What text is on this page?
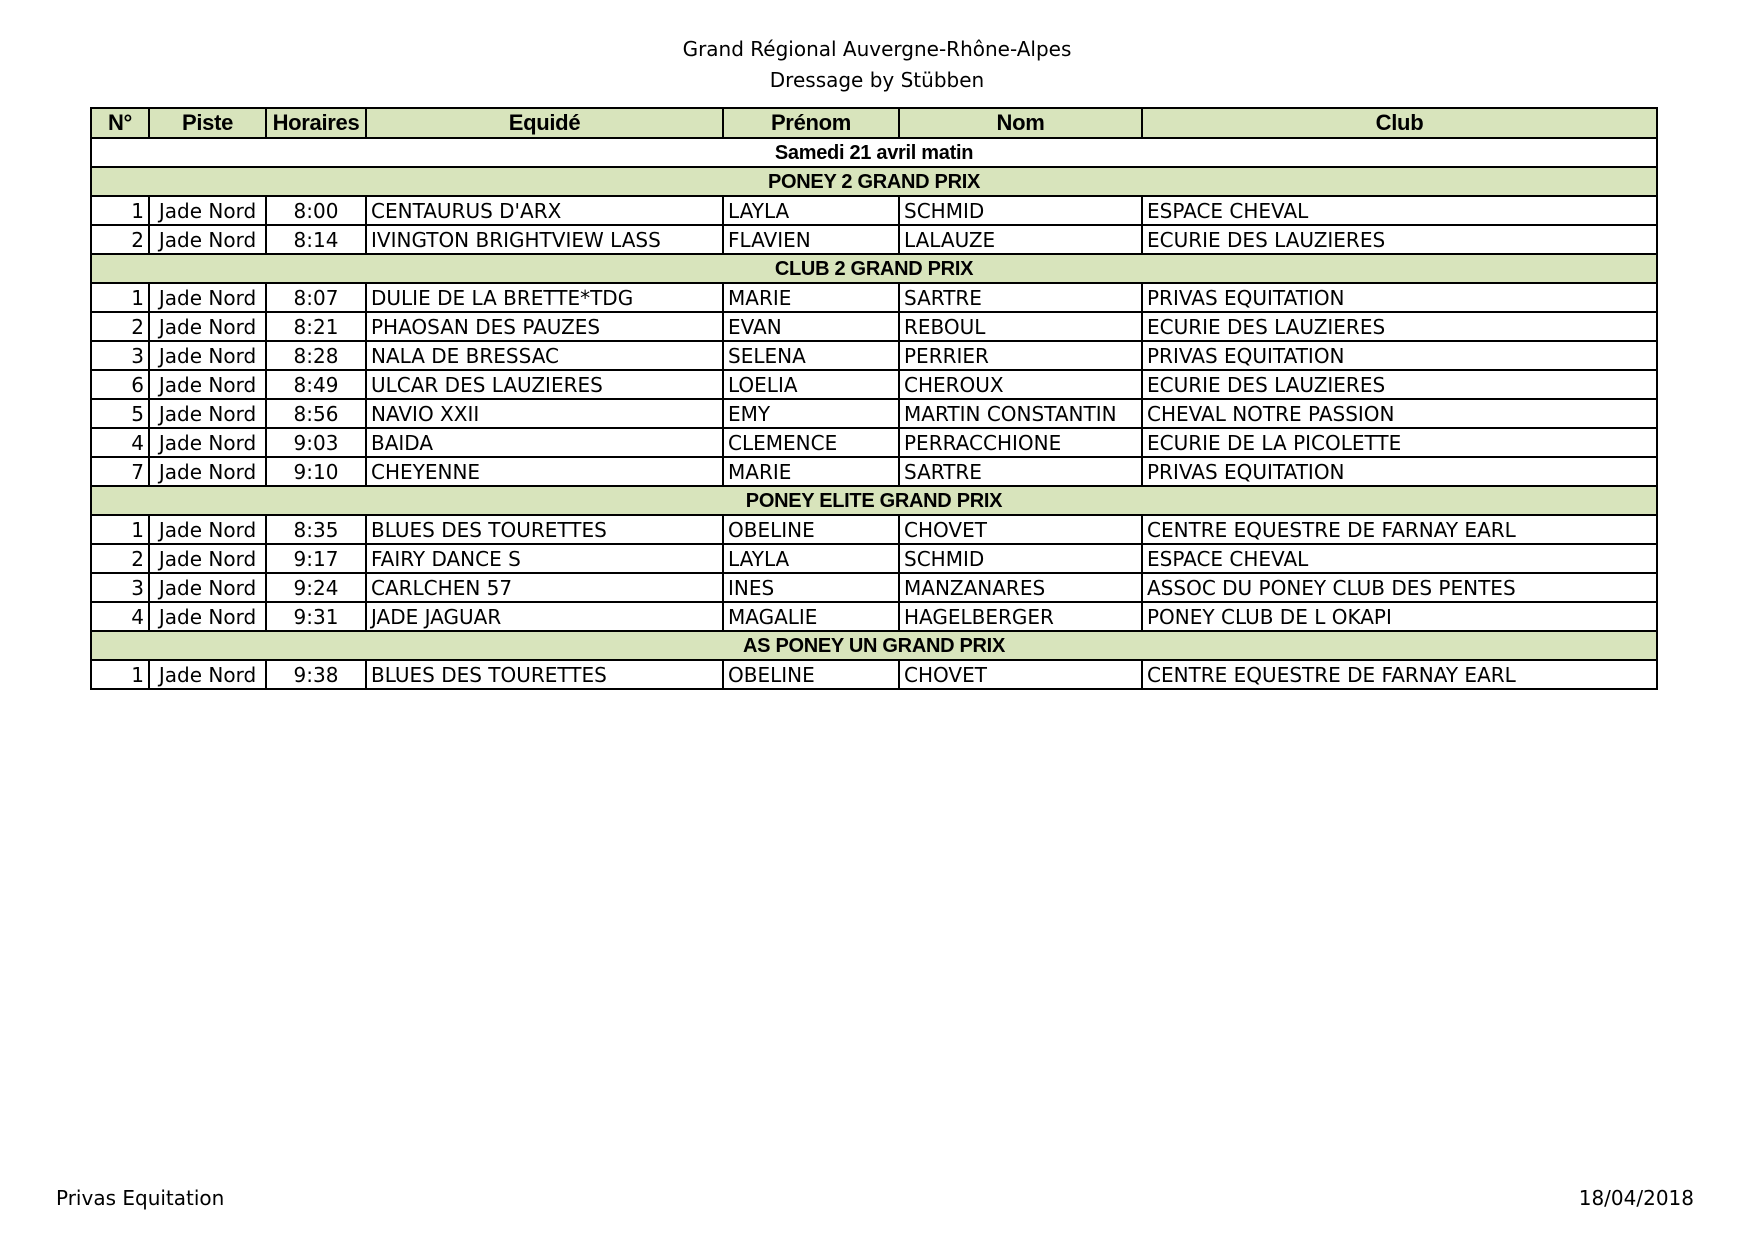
Grand Régional Auvergne-Rhône-Alpes
Dressage by Stübben
N°	Piste	Horaires	Equidé	Prénom	Nom	Club
Samedi 21 avril matin						
PONEY 2 GRAND PRIX						
1	Jade Nord	8:00	CENTAURUS D'ARX	LAYLA	SCHMID	ESPACE CHEVAL
2	Jade Nord	8:14	IVINGTON BRIGHTVIEW LASS	FLAVIEN	LALAUZE	ECURIE DES LAUZIERES
CLUB 2 GRAND PRIX						
1	Jade Nord	8:07	DULIE DE LA BRETTE*TDG	MARIE	SARTRE	PRIVAS EQUITATION
2	Jade Nord	8:21	PHAOSAN DES PAUZES	EVAN	REBOUL	ECURIE DES LAUZIERES
3	Jade Nord	8:28	NALA DE BRESSAC	SELENA	PERRIER	PRIVAS EQUITATION
6	Jade Nord	8:49	ULCAR DES LAUZIERES	LOELIA	CHEROUX	ECURIE DES LAUZIERES
5	Jade Nord	8:56	NAVIO XXII	EMY	MARTIN CONSTANTIN	CHEVAL NOTRE PASSION
4	Jade Nord	9:03	BAIDA	CLEMENCE	PERRACCHIONE	ECURIE DE LA PICOLETTE
7	Jade Nord	9:10	CHEYENNE	MARIE	SARTRE	PRIVAS EQUITATION
PONEY ELITE GRAND PRIX						
1	Jade Nord	8:35	BLUES DES TOURETTES	OBELINE	CHOVET	CENTRE EQUESTRE DE FARNAY EARL
2	Jade Nord	9:17	FAIRY DANCE S	LAYLA	SCHMID	ESPACE CHEVAL
3	Jade Nord	9:24	CARLCHEN 57	INES	MANZANARES	ASSOC DU PONEY CLUB DES PENTES
4	Jade Nord	9:31	JADE JAGUAR	MAGALIE	HAGELBERGER	PONEY CLUB DE L OKAPI
AS PONEY UN GRAND PRIX						
1	Jade Nord	9:38	BLUES DES TOURETTES	OBELINE	CHOVET	CENTRE EQUESTRE DE FARNAY EARL
Privas Equitation	18/04/2018
